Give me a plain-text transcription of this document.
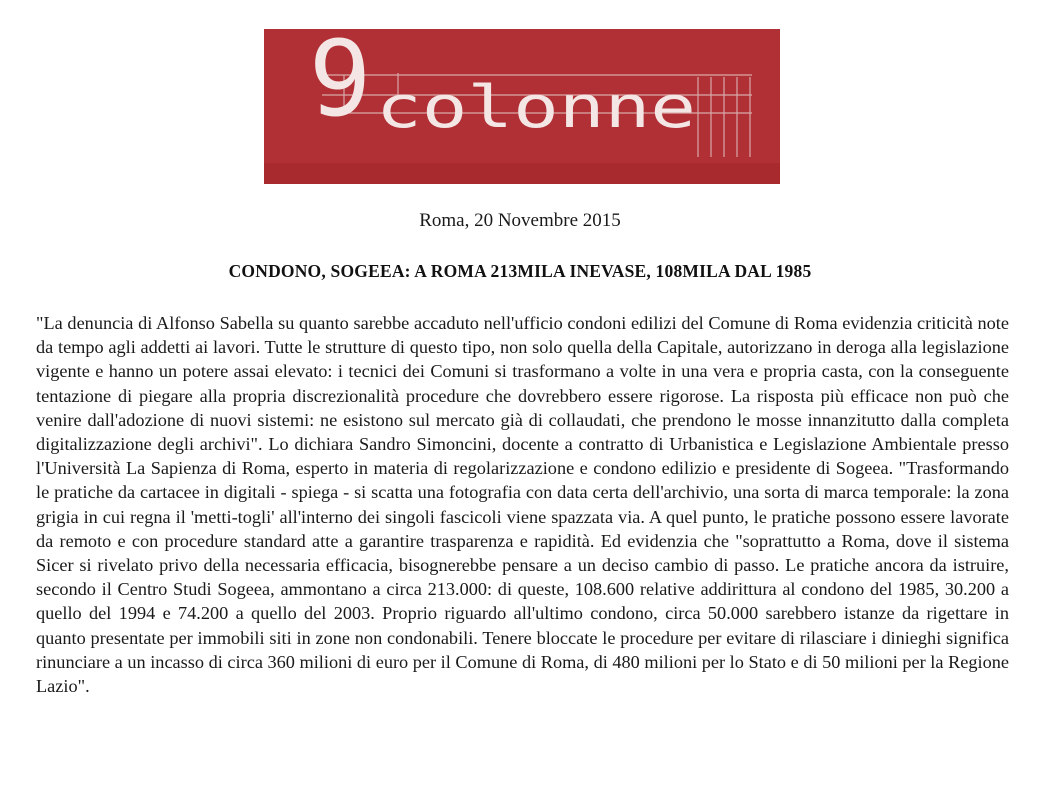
9 colonne
Roma, 20 Novembre 2015
CONDONO, SOGEEA: A ROMA 213MILA INEVASE, 108MILA DAL 1985

"La denuncia di Alfonso Sabella su quanto sarebbe accaduto nell'ufficio condoni edilizi del Comune di Roma evidenzia criticità note da tempo agli addetti ai lavori. Tutte le strutture di questo tipo, non solo quella della Capitale, autorizzano in deroga alla legislazione vigente e hanno un potere assai elevato: i tecnici dei Comuni si trasformano a volte in una vera e propria casta, con la conseguente tentazione di piegare alla propria discrezionalità procedure che dovrebbero essere rigorose. La risposta più efficace non può che venire dall'adozione di nuovi sistemi: ne esistono sul mercato già di collaudati, che prendono le mosse innanzitutto dalla completa digitalizzazione degli archivi". Lo dichiara Sandro Simoncini, docente a contratto di Urbanistica e Legislazione Ambientale presso l'Università La Sapienza di Roma, esperto in materia di regolarizzazione e condono edilizio e presidente di Sogeea. "Trasformando le pratiche da cartacee in digitali - spiega - si scatta una fotografia con data certa dell'archivio, una sorta di marca temporale: la zona grigia in cui regna il 'metti-togli' all'interno dei singoli fascicoli viene spazzata via. A quel punto, le pratiche possono essere lavorate da remoto e con procedure standard atte a garantire trasparenza e rapidità. Ed evidenzia che "soprattutto a Roma, dove il sistema Sicer si rivelato privo della necessaria efficacia, bisognerebbe pensare a un deciso cambio di passo. Le pratiche ancora da istruire, secondo il Centro Studi Sogeea, ammontano a circa 213.000: di queste, 108.600 relative addirittura al condono del 1985, 30.200 a quello del 1994 e 74.200 a quello del 2003. Proprio riguardo all'ultimo condono, circa 50.000 sarebbero istanze da rigettare in quanto presentate per immobili siti in zone non condonabili. Tenere bloccate le procedure per evitare di rilasciare i dinieghi significa rinunciare a un incasso di circa 360 milioni di euro per il Comune di Roma, di 480 milioni per lo Stato e di 50 milioni per la Regione Lazio".
